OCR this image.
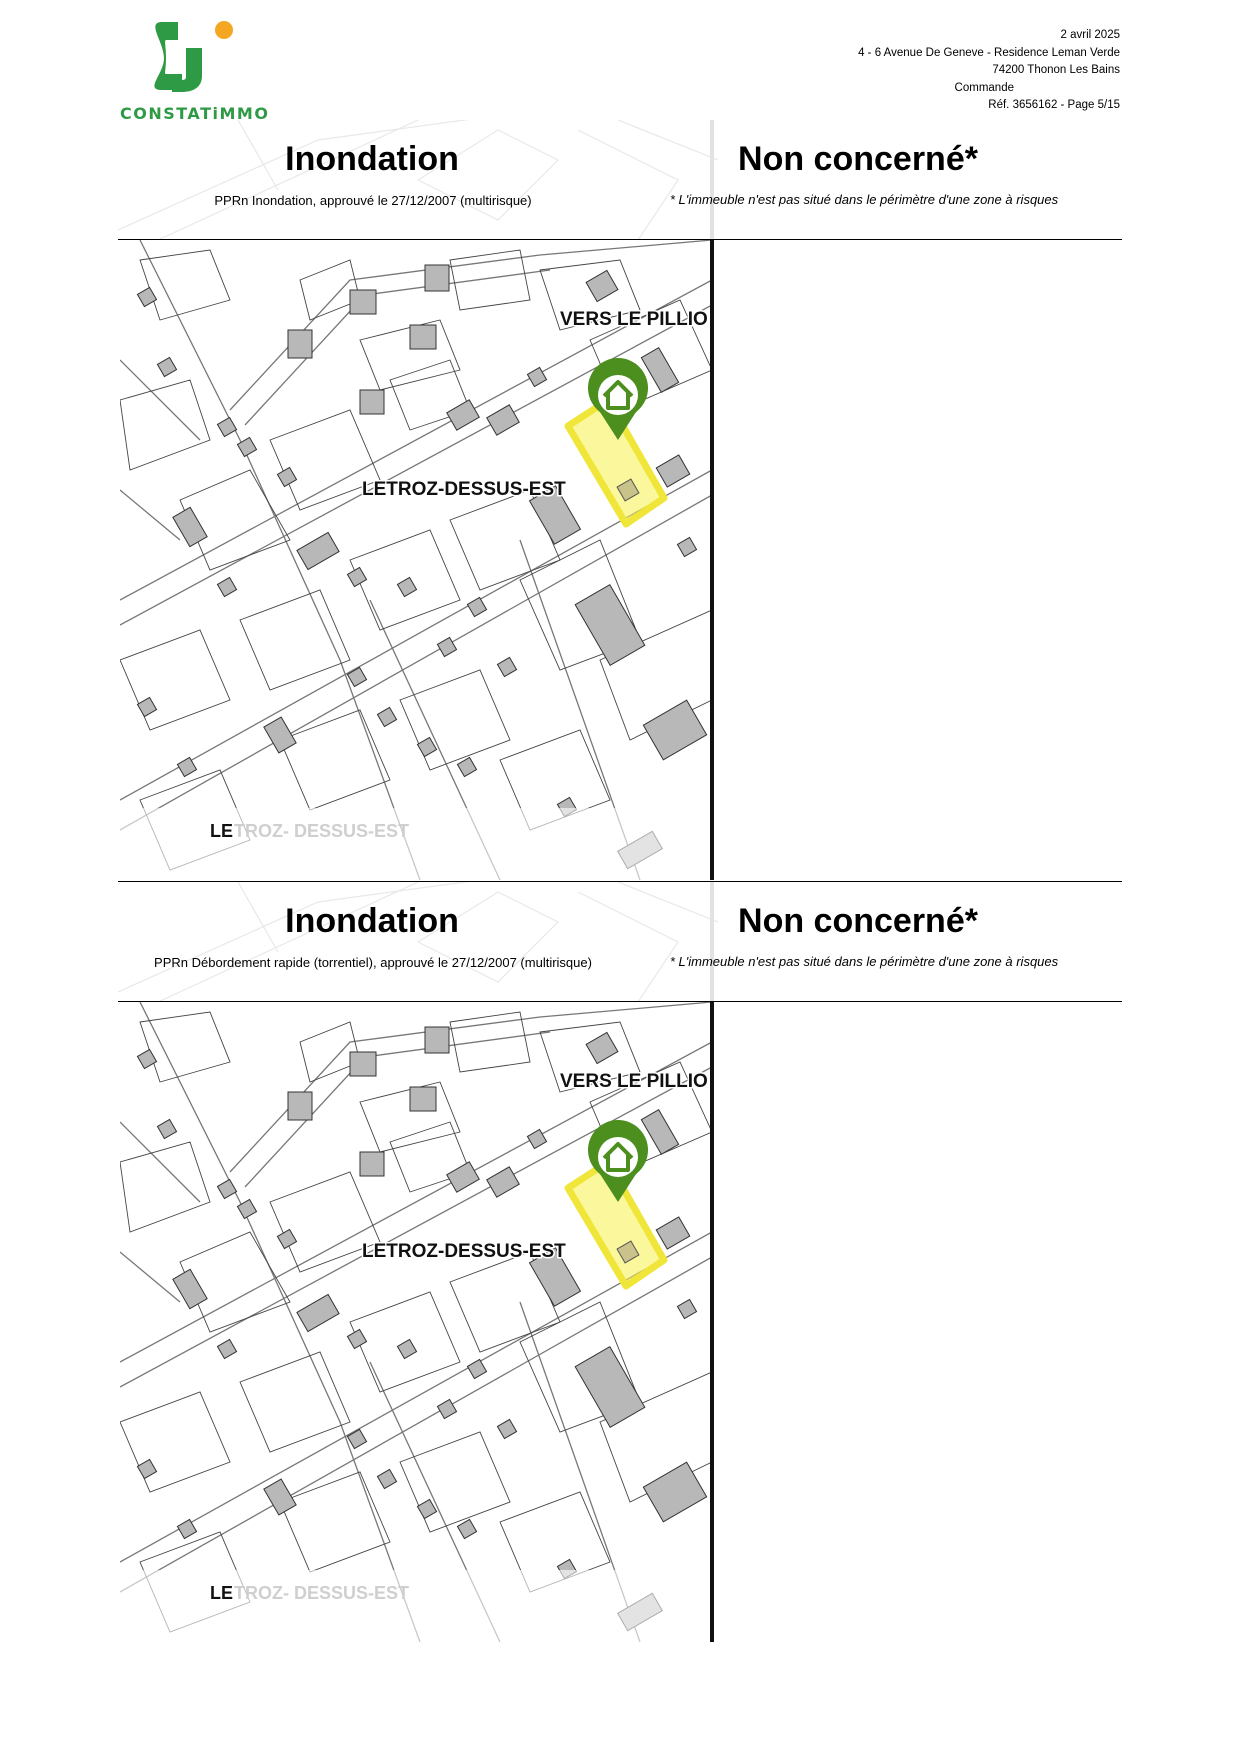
CONSTATiMMO
2 avril 2025
4 - 6 Avenue De Geneve - Residence Leman Verde
74200 Thonon Les Bains
Commande
Réf. 3656162 - Page 5/15
Inondation
PPRn Inondation, approuvé le 27/12/2007 (multirisque)
Non concerné*
* L'immeuble n'est pas situé dans le périmètre d'une zone à risques
VERS LE PILLIO
LETROZ-DESSUS-EST
LE TROZ- DESSUS-EST
Inondation
PPRn Débordement rapide (torrentiel), approuvé le 27/12/2007 (multirisque)
Non concerné*
* L'immeuble n'est pas situé dans le périmètre d'une zone à risques
VERS LE PILLIO
LETROZ-DESSUS-EST
LE TROZ- DESSUS-EST
